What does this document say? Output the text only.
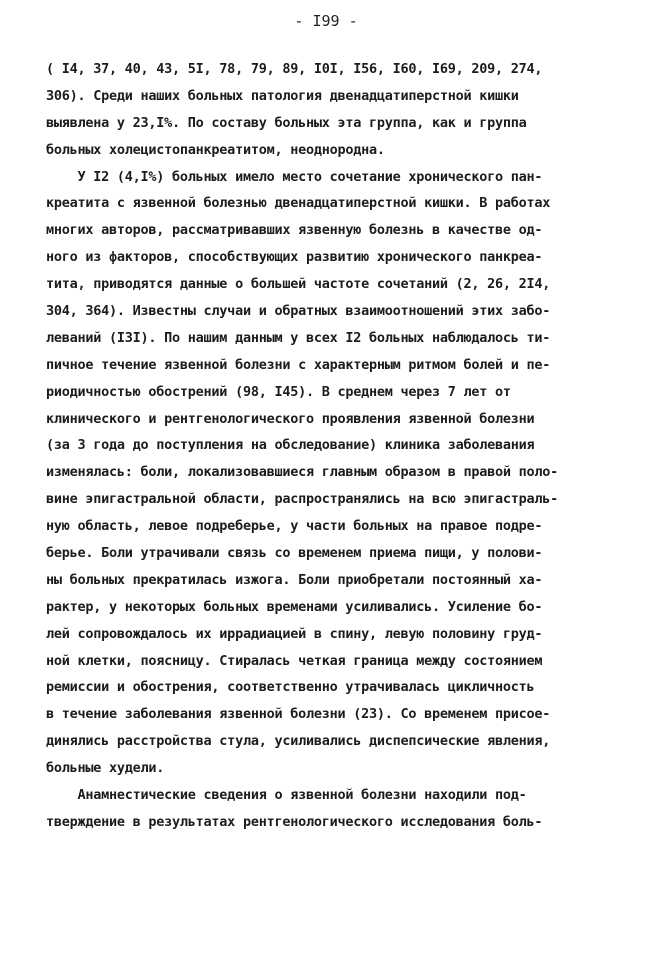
- I99 -
( I4, 37, 40, 43, 5I, 78, 79, 89, I0I, I56, I60, I69, 209, 274,
306). Среди наших больных патология двенадцатиперстной кишки
выявлена у 23,I%. По составу больных эта группа, как и группа
больных холецистопанкреатитом, неоднородна.
У I2 (4,I%) больных имело место сочетание хронического пан-
креатита с язвенной болезнью двенадцатиперстной кишки. В работах
многих авторов, рассматривавших язвенную болезнь в качестве од-
ного из факторов, способствующих развитию хронического панкреа-
тита, приводятся данные о большей частоте сочетаний (2, 26, 2I4,
304, 364). Известны случаи и обратных взаимоотношений этих забо-
леваний (I3I). По нашим данным у всех I2 больных наблюдалось ти-
пичное течение язвенной болезни с характерным ритмом болей и пе-
риодичностью обострений (98, I45). В среднем через 7 лет от
клинического и рентгенологического проявления язвенной болезни
(за 3 года до поступления на обследование) клиника заболевания
изменялась: боли, локализовавшиеся главным образом в правой поло-
вине эпигастральной области, распространялись на всю эпигастраль-
ную область, левое подреберье, у части больных на правое подре-
берье. Боли утрачивали связь со временем приема пищи, у полови-
ны больных прекратилась изжога. Боли приобретали постоянный ха-
рактер, у некоторых больных временами усиливались. Усиление бо-
лей сопровождалось их иррадиацией в спину, левую половину груд-
ной клетки, поясницу. Стиралась четкая граница между состоянием
ремиссии и обострения, соответственно утрачивалась цикличность
в течение заболевания язвенной болезни (23). Со временем присое-
динялись расстройства стула, усиливались диспепсические явления,
больные худели.
Анамнестические сведения о язвенной болезни находили под-
тверждение в результатах рентгенологического исследования боль-
